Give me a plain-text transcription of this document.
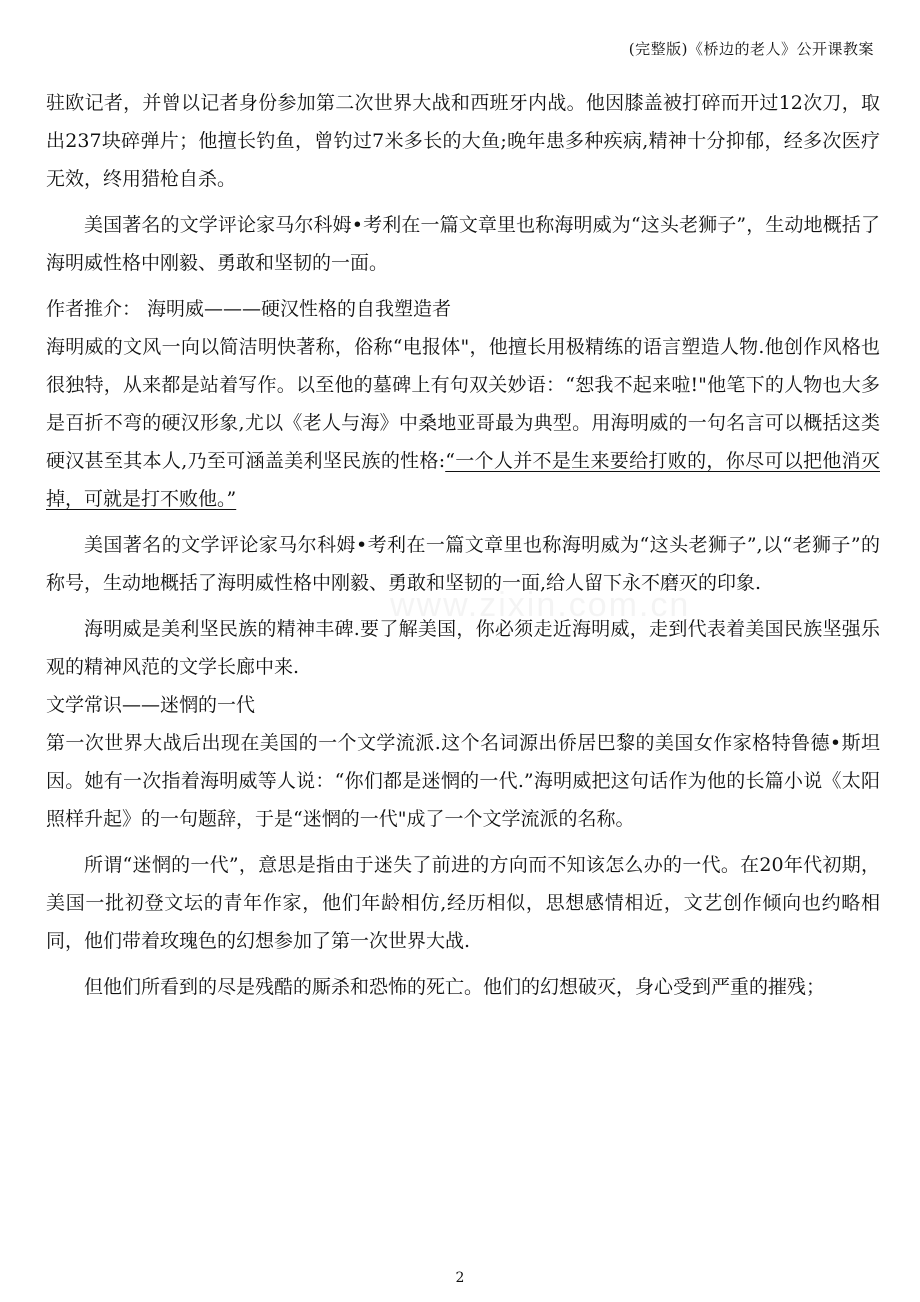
(完整版)《桥边的老人》公开课教案
www.zixin.com.cn

驻欧记者，并曾以记者身份参加第二次世界大战和西班牙内战。他因膝盖被打碎而开过12次刀，取出237块碎弹片；他擅长钓鱼，曾钓过7米多长的大鱼;晚年患多种疾病,精神十分抑郁，经多次医疗无效，终用猎枪自杀。

美国著名的文学评论家马尔科姆•考利在一篇文章里也称海明威为“这头老狮子”，生动地概括了海明威性格中刚毅、勇敢和坚韧的一面。

作者推介： 海明威———硬汉性格的自我塑造者

海明威的文风一向以简洁明快著称，俗称“电报体"，他擅长用极精练的语言塑造人物.他创作风格也很独特，从来都是站着写作。以至他的墓碑上有句双关妙语：“恕我不起来啦!"他笔下的人物也大多是百折不弯的硬汉形象,尤以《老人与海》中桑地亚哥最为典型。用海明威的一句名言可以概括这类硬汉甚至其本人,乃至可涵盖美利坚民族的性格:“一个人并不是生来要给打败的，你尽可以把他消灭掉，可就是打不败他。”

美国著名的文学评论家马尔科姆•考利在一篇文章里也称海明威为“这头老狮子”,以“老狮子”的称号，生动地概括了海明威性格中刚毅、勇敢和坚韧的一面,给人留下永不磨灭的印象.

海明威是美利坚民族的精神丰碑.要了解美国，你必须走近海明威，走到代表着美国民族坚强乐观的精神风范的文学长廊中来.

文学常识——迷惘的一代

第一次世界大战后出现在美国的一个文学流派.这个名词源出侨居巴黎的美国女作家格特鲁德•斯坦因。她有一次指着海明威等人说：“你们都是迷惘的一代.”海明威把这句话作为他的长篇小说《太阳照样升起》的一句题辞，于是“迷惘的一代"成了一个文学流派的名称。

所谓“迷惘的一代”，意思是指由于迷失了前进的方向而不知该怎么办的一代。在20年代初期，美国一批初登文坛的青年作家，他们年龄相仿,经历相似，思想感情相近，文艺创作倾向也约略相同，他们带着玫瑰色的幻想参加了第一次世界大战.

但他们所看到的尽是残酷的厮杀和恐怖的死亡。他们的幻想破灭，身心受到严重的摧残；

2
